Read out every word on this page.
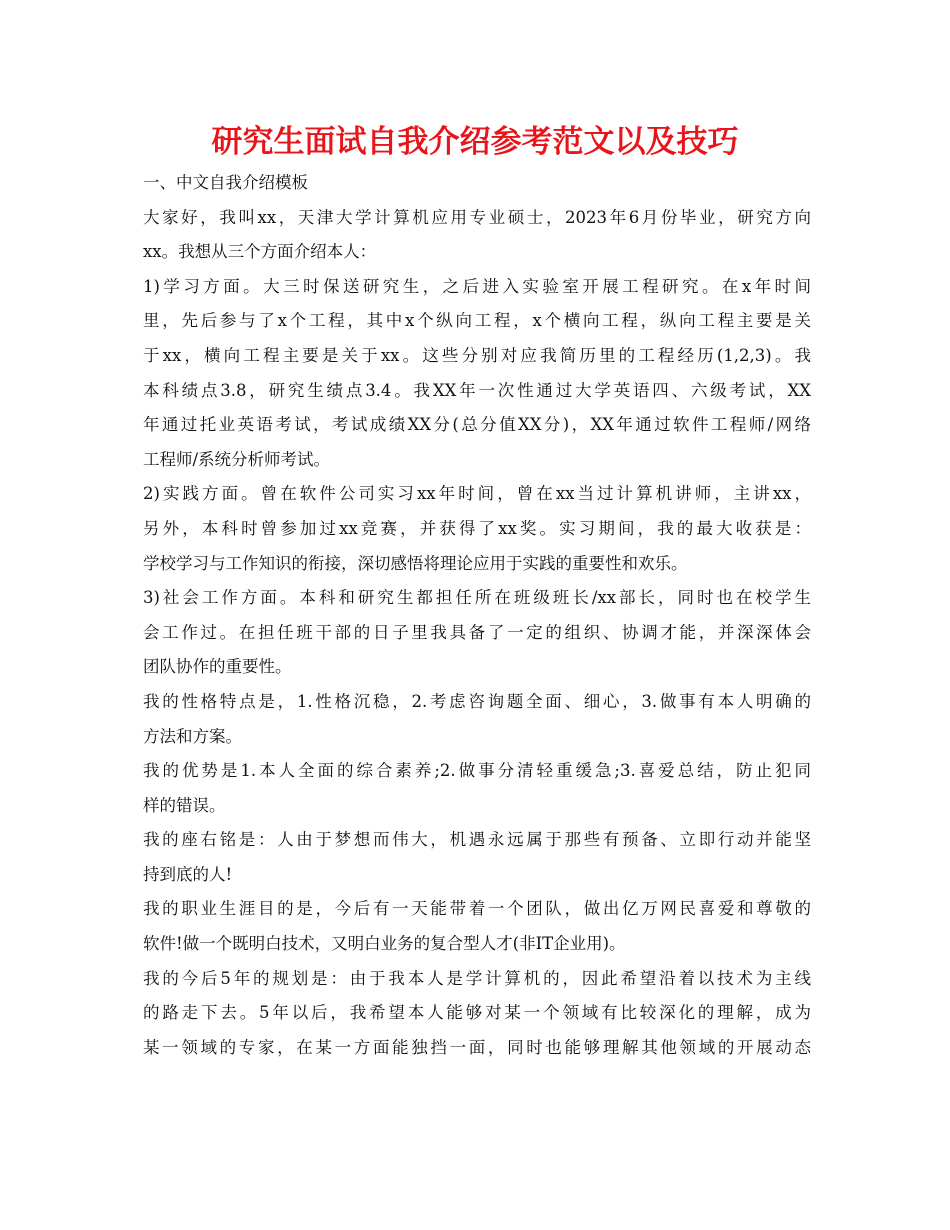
研究生面试自我介绍参考范文以及技巧
一、中文自我介绍模板
大家好，我叫xx，天津大学计算机应用专业硕士，2023年6月份毕业，研究方向
xx。我想从三个方面介绍本人：
1)学习方面。大三时保送研究生，之后进入实验室开展工程研究。在x年时间
里，先后参与了x个工程，其中x个纵向工程，x个横向工程，纵向工程主要是关
于xx，横向工程主要是关于xx。这些分别对应我简历里的工程经历(1,2,3)。我
本科绩点3.8，研究生绩点3.4。我XX年一次性通过大学英语四、六级考试，XX
年通过托业英语考试，考试成绩XX分(总分值XX分)，XX年通过软件工程师/网络
工程师/系统分析师考试。
2)实践方面。曾在软件公司实习xx年时间，曾在xx当过计算机讲师，主讲xx，
另外，本科时曾参加过xx竞赛，并获得了xx奖。实习期间，我的最大收获是：
学校学习与工作知识的衔接，深切感悟将理论应用于实践的重要性和欢乐。
3)社会工作方面。本科和研究生都担任所在班级班长/xx部长，同时也在校学生
会工作过。在担任班干部的日子里我具备了一定的组织、协调才能，并深深体会
团队协作的重要性。
我的性格特点是，1.性格沉稳，2.考虑咨询题全面、细心，3.做事有本人明确的
方法和方案。
我的优势是1.本人全面的综合素养;2.做事分清轻重缓急;3.喜爱总结，防止犯同
样的错误。
我的座右铭是：人由于梦想而伟大，机遇永远属于那些有预备、立即行动并能坚
持到底的人!
我的职业生涯目的是，今后有一天能带着一个团队，做出亿万网民喜爱和尊敬的
软件!做一个既明白技术，又明白业务的复合型人才(非IT企业用)。
我的今后5年的规划是：由于我本人是学计算机的，因此希望沿着以技术为主线
的路走下去。5年以后，我希望本人能够对某一个领域有比较深化的理解，成为
某一领域的专家，在某一方面能独挡一面，同时也能够理解其他领域的开展动态
